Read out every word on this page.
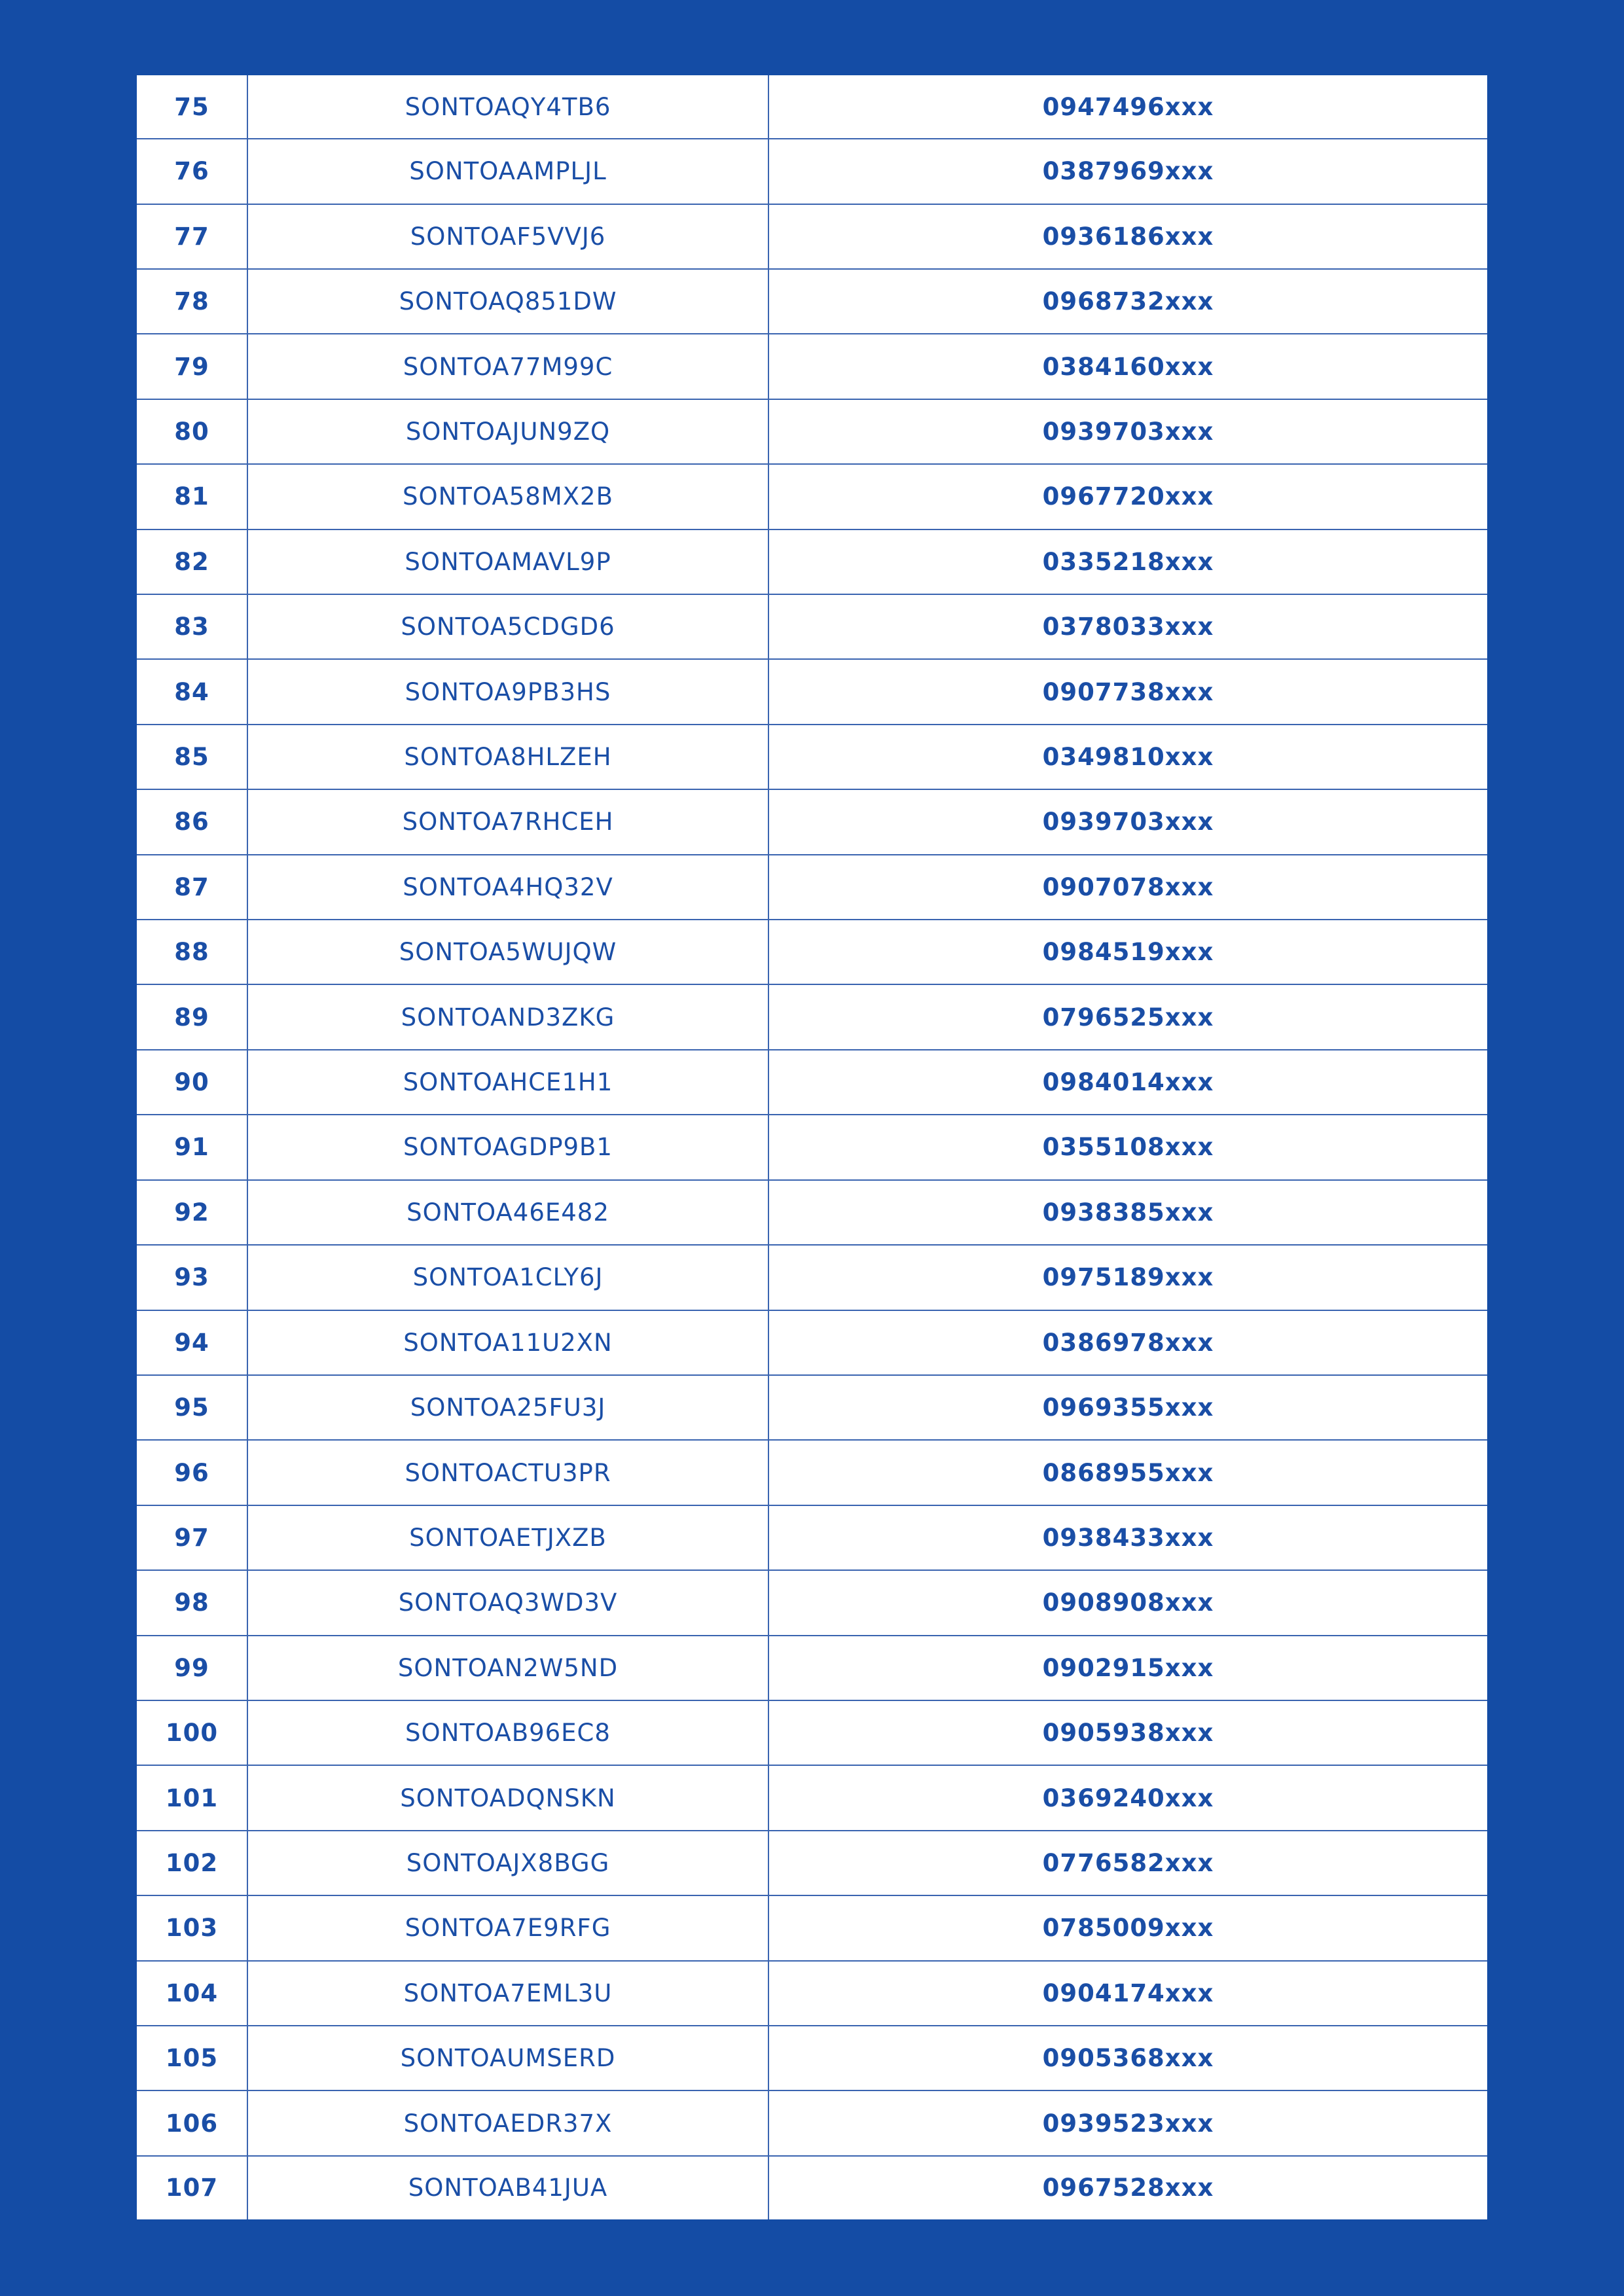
75	SONTOAQY4TB6	0947496xxx
76	SONTOAAMPLJL	0387969xxx
77	SONTOAF5VVJ6	0936186xxx
78	SONTOAQ851DW	0968732xxx
79	SONTOA77M99C	0384160xxx
80	SONTOAJUN9ZQ	0939703xxx
81	SONTOA58MX2B	0967720xxx
82	SONTOAMAVL9P	0335218xxx
83	SONTOA5CDGD6	0378033xxx
84	SONTOA9PB3HS	0907738xxx
85	SONTOA8HLZEH	0349810xxx
86	SONTOA7RHCEH	0939703xxx
87	SONTOA4HQ32V	0907078xxx
88	SONTOA5WUJQW	0984519xxx
89	SONTOAND3ZKG	0796525xxx
90	SONTOAHCE1H1	0984014xxx
91	SONTOAGDP9B1	0355108xxx
92	SONTOA46E482	0938385xxx
93	SONTOA1CLY6J	0975189xxx
94	SONTOA11U2XN	0386978xxx
95	SONTOA25FU3J	0969355xxx
96	SONTOACTU3PR	0868955xxx
97	SONTOAETJXZB	0938433xxx
98	SONTOAQ3WD3V	0908908xxx
99	SONTOAN2W5ND	0902915xxx
100	SONTOAB96EC8	0905938xxx
101	SONTOADQNSKN	0369240xxx
102	SONTOAJX8BGG	0776582xxx
103	SONTOA7E9RFG	0785009xxx
104	SONTOA7EML3U	0904174xxx
105	SONTOAUMSERD	0905368xxx
106	SONTOAEDR37X	0939523xxx
107	SONTOAB41JUA	0967528xxx
